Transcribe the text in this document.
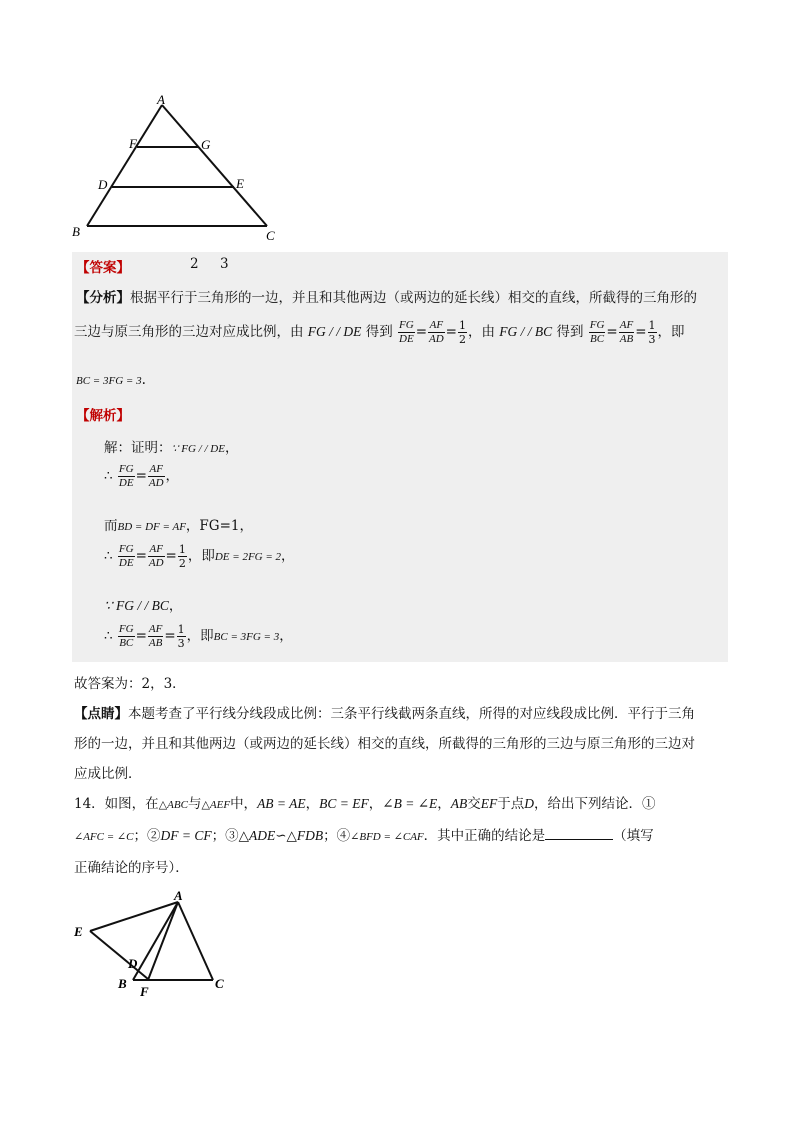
A
F	G
D	E
B	C
【答案】	2 3
【分析】根据平行于三角形的一边，并且和其他两边（或两边的延长线）相交的直线，所截得的三角形的
三边与原三角形的三边对应成比例，由 FG / / DE 得到 $\frac{FG}{DE} = \frac{AF}{AD} = \frac{1}{2}$ ，由 FG / / BC 得到 $\frac{FG}{BC} = \frac{AF}{AB} = \frac{1}{3}$ ，即
BC = 3FG = 3.
【解析】
解：证明：∵ FG / / DE，
∴ $\frac{FG}{DE} = \frac{AF}{AD}$ ，
而BD = DF = AF，FG=1，
∴ $\frac{FG}{DE} = \frac{AF}{AD} = \frac{1}{2}$ ，即DE = 2FG = 2，
∵ FG / / BC，
∴ $\frac{FG}{BC} = \frac{AF}{AB} = \frac{1}{3}$ ，即BC = 3FG = 3，
故答案为：2，3．
【点睛】本题考查了平行线分线段成比例：三条平行线截两条直线，所得的对应线段成比例．平行于三角
形的一边，并且和其他两边（或两边的延长线）相交的直线，所截得的三角形的三边与原三角形的三边对
应成比例．
14．如图，在△ABC与△AEF中，AB = AE，BC = EF，∠B = ∠E，AB交EF于点D，给出下列结论．①
∠AFC = ∠C；②DF = CF；③△ADE∽△FDB；④∠BFD = ∠CAF．其中正确的结论是	（填写
正确结论的序号）．
A
E
D
B
F
C
